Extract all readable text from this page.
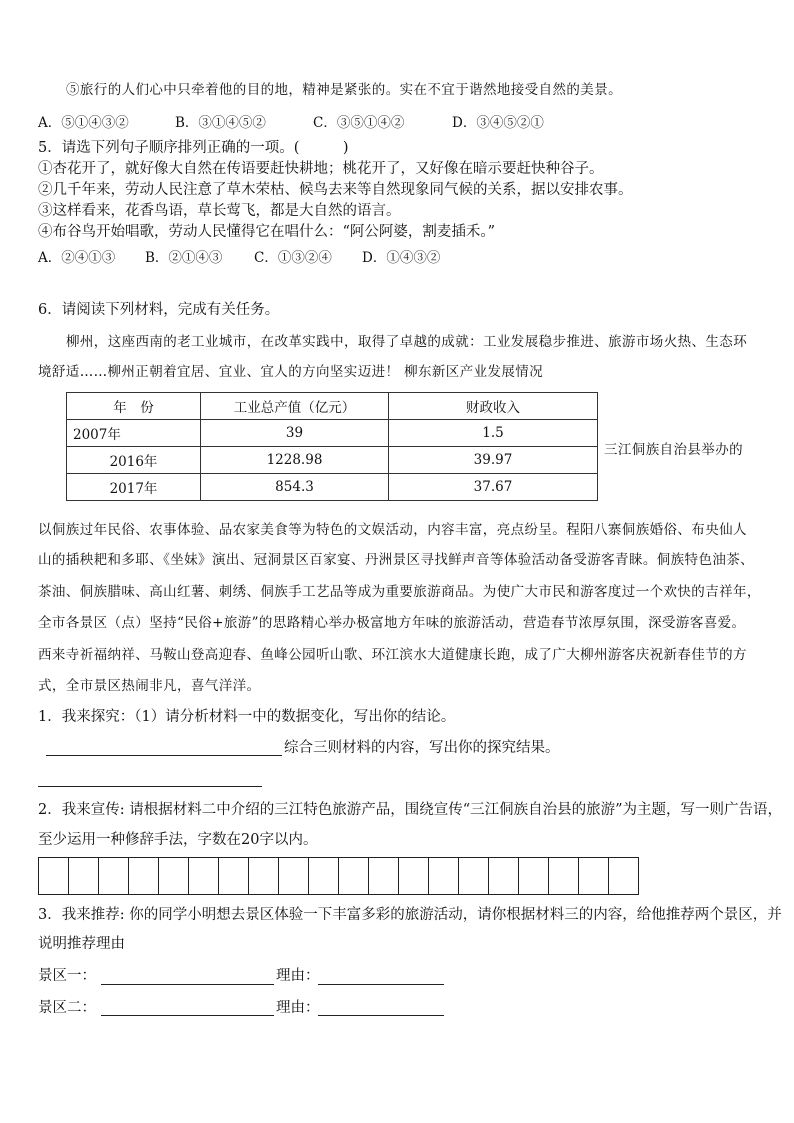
⑤旅行的人们心中只牵着他的目的地，精神是紧张的。实在不宜于谐然地接受自然的美景。
A．⑤①④③②	B．③①④⑤②	C．③⑤①④②	D．③④⑤②①
5．请选下列句子顺序排列正确的一项。(　　　)
①杏花开了，就好像大自然在传语要赶快耕地；桃花开了，又好像在暗示要赶快种谷子。
②几千年来，劳动人民注意了草木荣枯、候鸟去来等自然现象同气候的关系，据以安排农事。
③这样看来，花香鸟语，草长莺飞，都是大自然的语言。
④布谷鸟开始唱歌，劳动人民懂得它在唱什么：“阿公阿婆，割麦插禾。”
A．②④①③ B．②①④③ C．①③②④ D．①④③②
6．请阅读下列材料，完成有关任务。
柳州，这座西南的老工业城市，在改革实践中，取得了卓越的成就：工业发展稳步推进、旅游市场火热、生态环
境舒适……柳州正朝着宜居、宜业、宜人的方向坚实迈进！ 柳东新区产业发展情况
年　份	工业总产值（亿元）	财政收入
2007年	39	1.5
2016年	1228.98	39.97
2017年	854.3	37.67
三江侗族自治县举办的
以侗族过年民俗、农事体验、品农家美食等为特色的文娱活动，内容丰富，亮点纷呈。程阳八寨侗族婚俗、布央仙人
山的插秧耙和多耶、《坐妹》演出、冠洞景区百家宴、丹洲景区寻找鲜声音等体验活动备受游客青睐。侗族特色油茶、
茶油、侗族腊味、高山红薯、刺绣、侗族手工艺品等成为重要旅游商品。为使广大市民和游客度过一个欢快的吉祥年，
全市各景区（点）坚持“民俗+旅游”的思路精心举办极富地方年味的旅游活动，营造春节浓厚氛围，深受游客喜爱。
西来寺祈福纳祥、马鞍山登高迎春、鱼峰公园听山歌、环江滨水大道健康长跑，成了广大柳州游客庆祝新春佳节的方
式，全市景区热闹非凡，喜气洋洋。
1．我来探究：（1）请分析材料一中的数据变化，写出你的结论。
综合三则材料的内容，写出你的探究结果。
2．我来宣传: 请根据材料二中介绍的三江特色旅游产品，围绕宣传“三江侗族自治县的旅游”为主题，写一则广告语，
至少运用一种修辞手法，字数在20字以内。
3．我来推荐: 你的同学小明想去景区体验一下丰富多彩的旅游活动，请你根据材料三的内容，给他推荐两个景区，并
说明推荐理由
景区一：	理由：
景区二：	理由：
